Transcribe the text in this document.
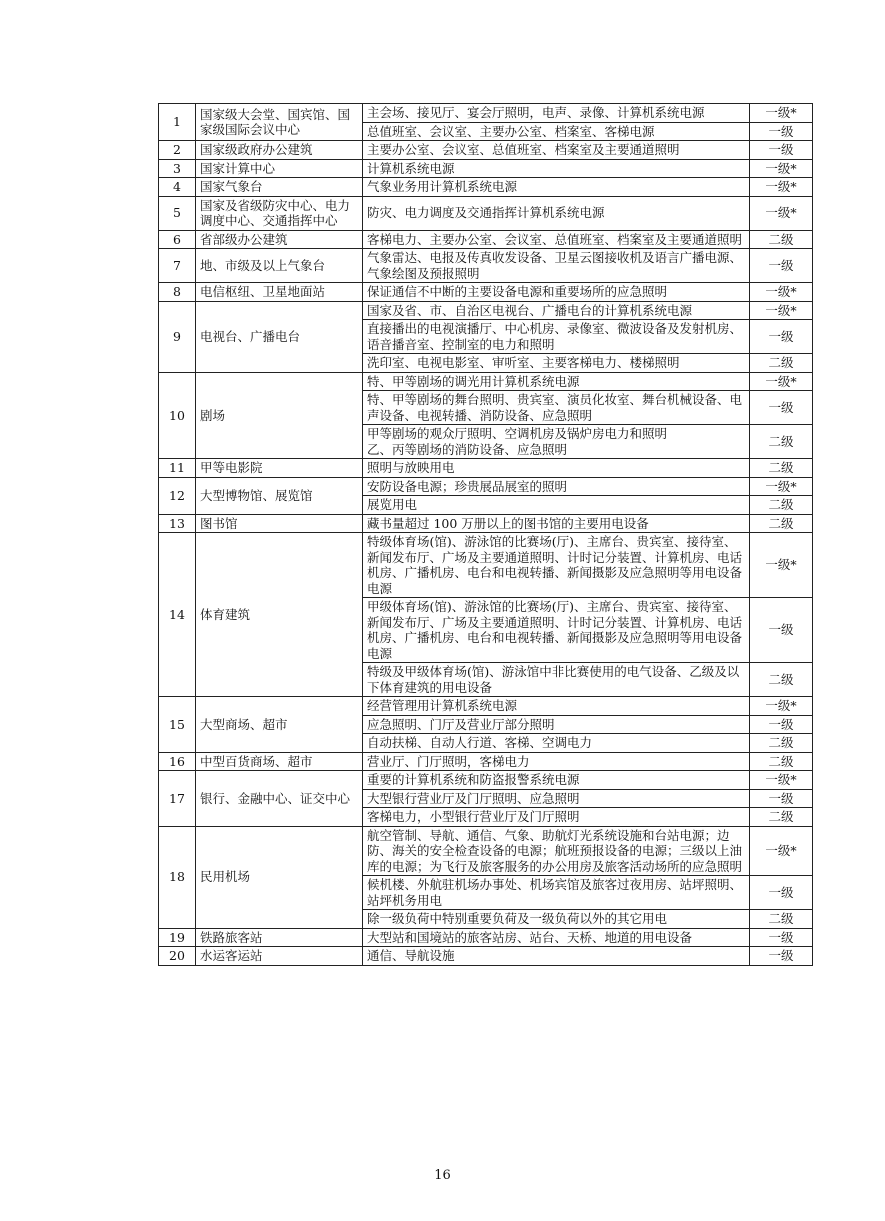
1	国家级大会堂、国宾馆、国家级国际会议中心	主会场、接见厅、宴会厅照明，电声、录像、计算机系统电源	一级*
		总值班室、会议室、主要办公室、档案室、客梯电源	一级
2	国家级政府办公建筑	主要办公室、会议室、总值班室、档案室及主要通道照明	一级
3	国家计算中心	计算机系统电源	一级*
4	国家气象台	气象业务用计算机系统电源	一级*
5	国家及省级防灾中心、电力调度中心、交通指挥中心	防灾、电力调度及交通指挥计算机系统电源	一级*
6	省部级办公建筑	客梯电力、主要办公室、会议室、总值班室、档案室及主要通道照明	二级
7	地、市级及以上气象台	气象雷达、电报及传真收发设备、卫星云图接收机及语言广播电源、气象绘图及预报照明	一级
8	电信枢纽、卫星地面站	保证通信不中断的主要设备电源和重要场所的应急照明	一级*
9	电视台、广播电台	国家及省、市、自治区电视台、广播电台的计算机系统电源	一级*
		直接播出的电视演播厅、中心机房、录像室、微波设备及发射机房、语音播音室、控制室的电力和照明	一级
		洗印室、电视电影室、审听室、主要客梯电力、楼梯照明	二级
10	剧场	特、甲等剧场的调光用计算机系统电源	一级*
		特、甲等剧场的舞台照明、贵宾室、演员化妆室、舞台机械设备、电声设备、电视转播、消防设备、应急照明	一级
		甲等剧场的观众厅照明、空调机房及锅炉房电力和照明
乙、丙等剧场的消防设备、应急照明	二级
11	甲等电影院	照明与放映用电	二级
12	大型博物馆、展览馆	安防设备电源；珍贵展品展室的照明	一级*
		展览用电	二级
13	图书馆	藏书量超过 100 万册以上的图书馆的主要用电设备	二级
14	体育建筑	特级体育场(馆)、游泳馆的比赛场(厅)、主席台、贵宾室、接待室、新闻发布厅、广场及主要通道照明、计时记分装置、计算机房、电话机房、广播机房、电台和电视转播、新闻摄影及应急照明等用电设备电源	一级*
		甲级体育场(馆)、游泳馆的比赛场(厅)、主席台、贵宾室、接待室、新闻发布厅、广场及主要通道照明、计时记分装置、计算机房、电话机房、广播机房、电台和电视转播、新闻摄影及应急照明等用电设备电源	一级
		特级及甲级体育场(馆)、游泳馆中非比赛使用的电气设备、乙级及以下体育建筑的用电设备	二级
15	大型商场、超市	经营管理用计算机系统电源	一级*
		应急照明、门厅及营业厅部分照明	一级
		自动扶梯、自动人行道、客梯、空调电力	二级
16	中型百货商场、超市	营业厅、门厅照明，客梯电力	二级
17	银行、金融中心、证交中心	重要的计算机系统和防盗报警系统电源	一级*
		大型银行营业厅及门厅照明、应急照明	一级
		客梯电力，小型银行营业厅及门厅照明	二级
18	民用机场	航空管制、导航、通信、气象、助航灯光系统设施和台站电源；边防、海关的安全检查设备的电源；航班预报设备的电源；三级以上油库的电源；为飞行及旅客服务的办公用房及旅客活动场所的应急照明	一级*
		候机楼、外航驻机场办事处、机场宾馆及旅客过夜用房、站坪照明、站坪机务用电	一级
		除一级负荷中特别重要负荷及一级负荷以外的其它用电	二级
19	铁路旅客站	大型站和国境站的旅客站房、站台、天桥、地道的用电设备	一级
20	水运客运站	通信、导航设施	一级
16
